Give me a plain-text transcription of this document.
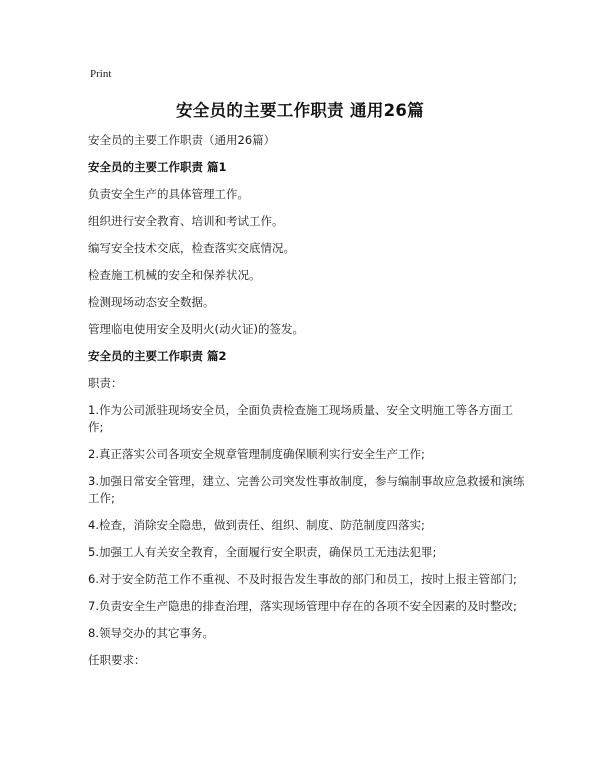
Print
安全员的主要工作职责 通用26篇

安全员的主要工作职责（通用26篇）

安全员的主要工作职责 篇1

负责安全生产的具体管理工作。

组织进行安全教育、培训和考试工作。

编写安全技术交底，检查落实交底情况。

检查施工机械的安全和保养状况。

检测现场动态安全数据。

管理临电使用安全及明火(动火证)的签发。

安全员的主要工作职责 篇2

职责：

1.作为公司派驻现场安全员，全面负责检查施工现场质量、安全文明施工等各方面工作;

2.真正落实公司各项安全规章管理制度确保顺利实行安全生产工作;

3.加强日常安全管理，建立、完善公司突发性事故制度，参与编制事故应急救援和演练工作;

4.检查，消除安全隐患，做到责任、组织、制度、防范制度四落实;

5.加强工人有关安全教育，全面履行安全职责，确保员工无违法犯罪;

6.对于安全防范工作不重视、不及时报告发生事故的部门和员工，按时上报主管部门;

7.负责安全生产隐患的排查治理，落实现场管理中存在的各项不安全因素的及时整改;

8.领导交办的其它事务。

任职要求：
